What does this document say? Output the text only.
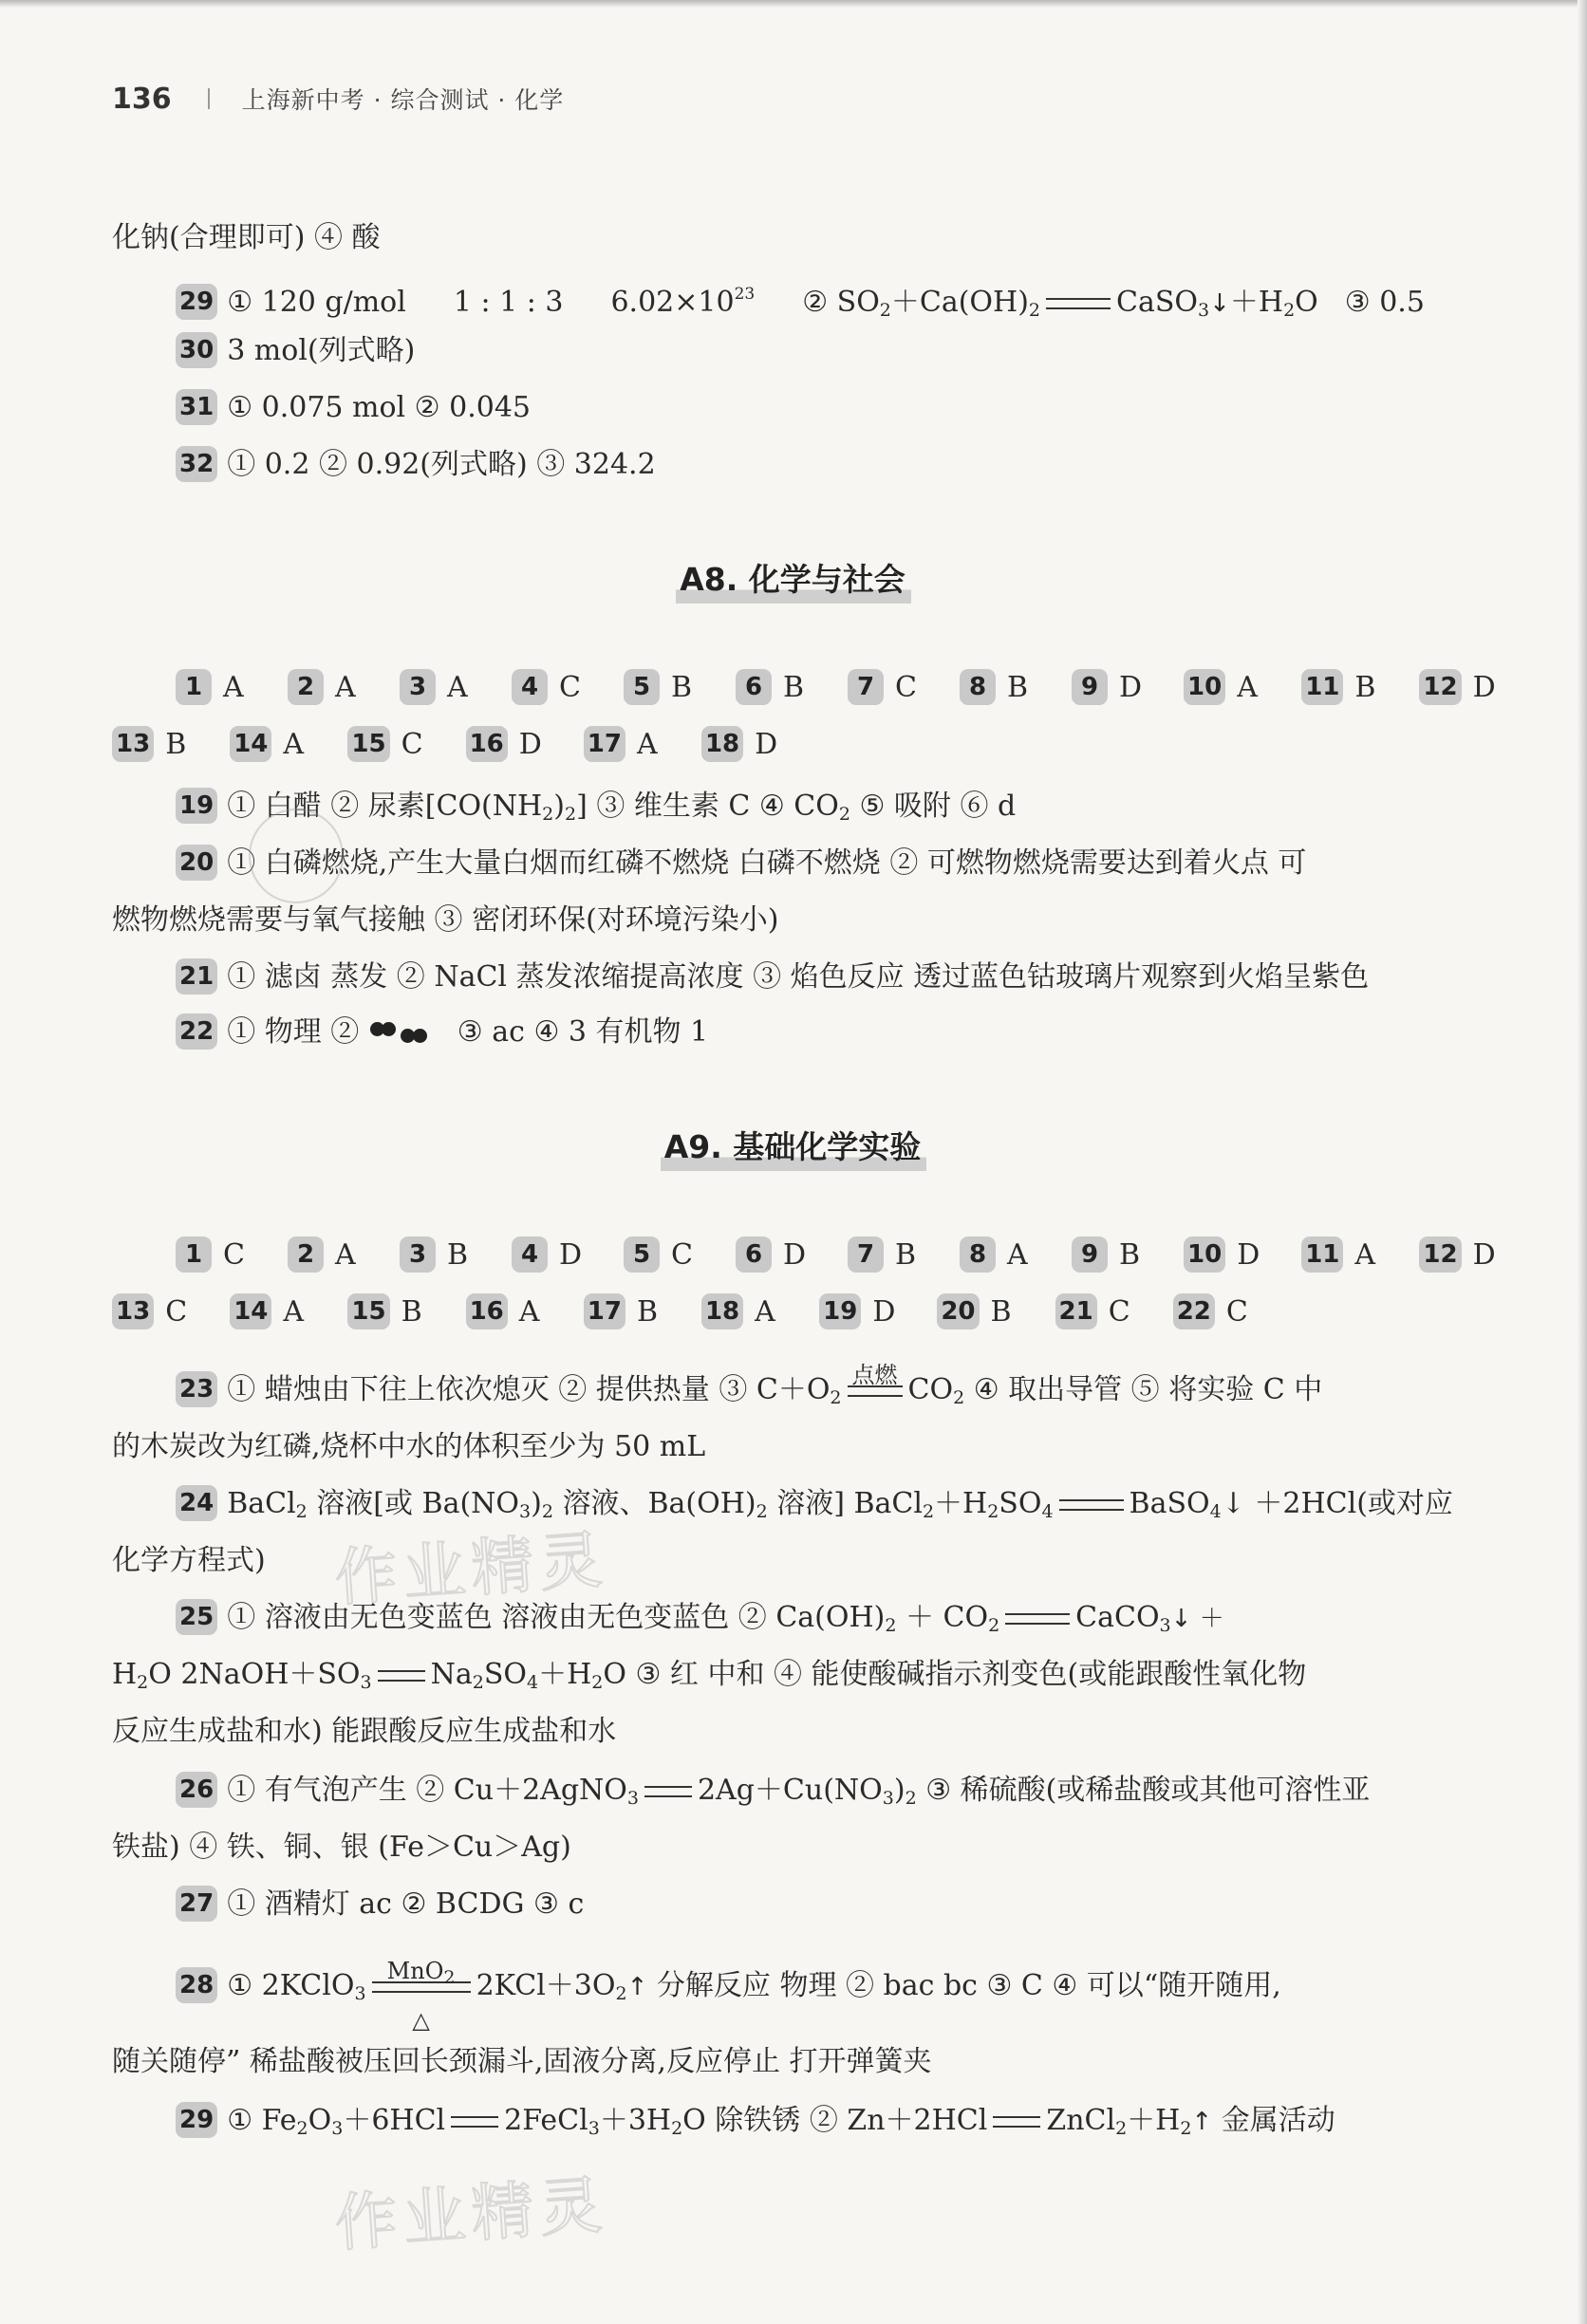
136	上海新中考 · 综合测试 · 化学
化钠(合理即可) ④ 酸
29 ① 120 g/mol 1 : 1 : 3 $6.02\times 10^{23}$ ② $SO_2+Ca(OH)_2$	$CaSO_3↓+H_2O$ ③ 0.5
30 3 mol(列式略)
31 ① 0.075 mol ② 0.045
32 ① 0.2 ② 0.92(列式略) ③ 324.2
A8. 化学与社会
1 A 2 A 3 A 4 C 5 B 6 B 7 C 8 B 9 D 10 A 11 B 12 D
13 B 14 A 15 C 16 D 17 A 18 D
19 ① 白醋 ② 尿素$[CO(NH_2)_2]$ ③ 维生素 C ④ $CO_2$ ⑤ 吸附 ⑥ d
20 ① 白磷燃烧,产生大量白烟而红磷不燃烧 白磷不燃烧 ② 可燃物燃烧需要达到着火点 可
燃物燃烧需要与氧气接触 ③ 密闭环保(对环境污染小)
21 ① 滤卤 蒸发 ② NaCl 蒸发浓缩提高浓度 ③ 焰色反应 透过蓝色钴玻璃片观察到火焰呈紫色
22 ① 物理 ②	③ ac ④ 3 有机物 1
A9. 基础化学实验
1 C 2 A 3 B 4 D 5 C 6 D 7 B 8 A 9 B 10 D 11 A 12 D
13 C 14 A 15 B 16 A 17 B 18 A 19 D 20 B 21 C 22 C
23 ① 蜡烛由下往上依次熄灭 ② 提供热量 ③ $C+O_2$
点燃 $CO_2$ ④ 取出导管 ⑤ 将实验 C 中
的木炭改为红磷,烧杯中水的体积至少为 50 mL
24 BaCl$_2$ 溶液[或 $Ba(NO_3)_2$ 溶液、$Ba(OH)_2$ 溶液] $BaCl_2+H_2SO_4$	BaSO$_4$↓ ＋2HCl(或对应
化学方程式)
25 ① 溶液由无色变蓝色 溶液由无色变蓝色 ② $Ca(OH)_2 + CO_2$	CaCO$_3$↓ ＋
$H_2O$ $2NaOH+SO_3$ $Na_2SO_4+H_2O$ ③ 红 中和 ④ 能使酸碱指示剂变色(或能跟酸性氧化物
反应生成盐和水) 能跟酸反应生成盐和水
26 ① 有气泡产生 ② Cu＋2AgNO$_3$ $2Ag+Cu(NO_3)_2$ ③ 稀硫酸(或稀盐酸或其他可溶性亚
铁盐) ④ 铁、铜、银 (Fe＞Cu＞Ag)
27 ① 酒精灯 ac ② BCDG ③ c
28 ① 2KClO$_3$
MnO$_2$
△
$2KCl+3O_2↑$ 分解反应 物理 ② bac bc ③ C ④ 可以“随开随用,
随关随停” 稀盐酸被压回长颈漏斗,固液分离,反应停止 打开弹簧夹
29 ① $Fe_2O_3+6HCl$ $2FeCl_3+3H_2O$ 除铁锈 ② Zn＋2HCl $ZnCl_2+H_2↑$ 金属活动
作业精灵
作业精灵
